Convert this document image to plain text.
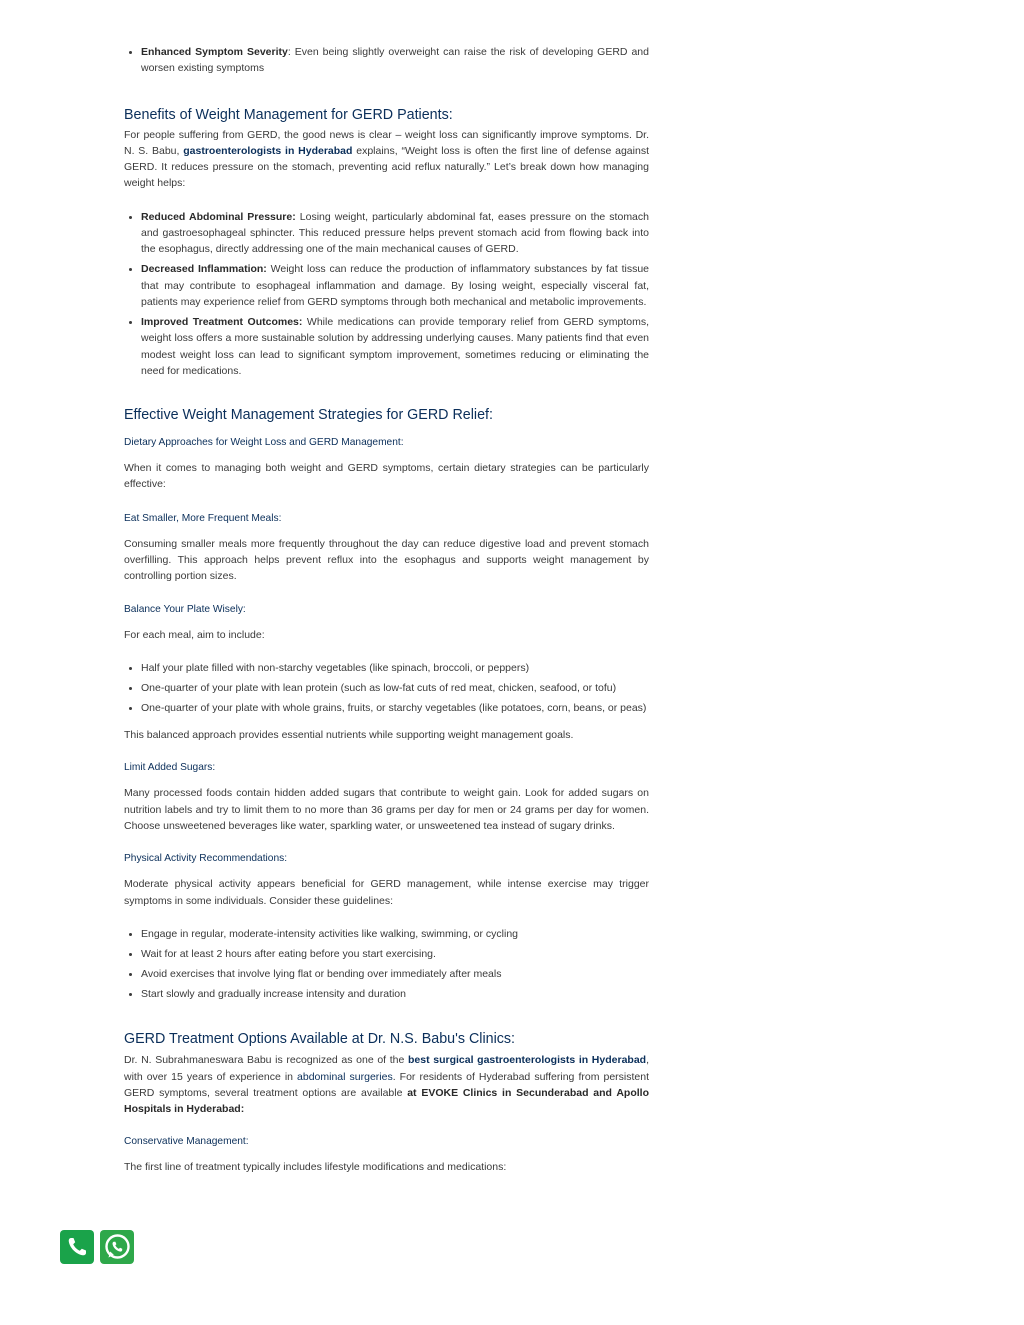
• Enhanced Symptom Severity: Even being slightly overweight can raise the risk of developing GERD and worsen existing symptoms
Benefits of Weight Management for GERD Patients:

For people suffering from GERD, the good news is clear – weight loss can significantly improve symptoms. Dr. N. S. Babu, gastroenterologists in Hyderabad explains, “Weight loss is often the first line of defense against GERD. It reduces pressure on the stomach, preventing acid reflux naturally.” Let’s break down how managing weight helps:

• Reduced Abdominal Pressure: Losing weight, particularly abdominal fat, eases pressure on the stomach and gastroesophageal sphincter. This reduced pressure helps prevent stomach acid from flowing back into the esophagus, directly addressing one of the main mechanical causes of GERD.
• Decreased Inflammation: Weight loss can reduce the production of inflammatory substances by fat tissue that may contribute to esophageal inflammation and damage. By losing weight, especially visceral fat, patients may experience relief from GERD symptoms through both mechanical and metabolic improvements.
• Improved Treatment Outcomes: While medications can provide temporary relief from GERD symptoms, weight loss offers a more sustainable solution by addressing underlying causes. Many patients find that even modest weight loss can lead to significant symptom improvement, sometimes reducing or eliminating the need for medications.
Effective Weight Management Strategies for GERD Relief:
Dietary Approaches for Weight Loss and GERD Management:

When it comes to managing both weight and GERD symptoms, certain dietary strategies can be particularly effective:

Eat Smaller, More Frequent Meals:

Consuming smaller meals more frequently throughout the day can reduce digestive load and prevent stomach overfilling. This approach helps prevent reflux into the esophagus and supports weight management by controlling portion sizes.

Balance Your Plate Wisely:

For each meal, aim to include:

• Half your plate filled with non-starchy vegetables (like spinach, broccoli, or peppers)
• One-quarter of your plate with lean protein (such as low-fat cuts of red meat, chicken, seafood, or tofu)
• One-quarter of your plate with whole grains, fruits, or starchy vegetables (like potatoes, corn, beans, or peas)

This balanced approach provides essential nutrients while supporting weight management goals.

Limit Added Sugars:

Many processed foods contain hidden added sugars that contribute to weight gain. Look for added sugars on nutrition labels and try to limit them to no more than 36 grams per day for men or 24 grams per day for women. Choose unsweetened beverages like water, sparkling water, or unsweetened tea instead of sugary drinks.

Physical Activity Recommendations:

Moderate physical activity appears beneficial for GERD management, while intense exercise may trigger symptoms in some individuals. Consider these guidelines:

• Engage in regular, moderate-intensity activities like walking, swimming, or cycling
• Wait for at least 2 hours after eating before you start exercising.
• Avoid exercises that involve lying flat or bending over immediately after meals
• Start slowly and gradually increase intensity and duration
GERD Treatment Options Available at Dr. N.S. Babu's Clinics:

Dr. N. Subrahmaneswara Babu is recognized as one of the best surgical gastroenterologists in Hyderabad, with over 15 years of experience in abdominal surgeries. For residents of Hyderabad suffering from persistent GERD symptoms, several treatment options are available at EVOKE Clinics in Secunderabad and Apollo Hospitals in Hyderabad:

Conservative Management:

The first line of treatment typically includes lifestyle modifications and medications:
